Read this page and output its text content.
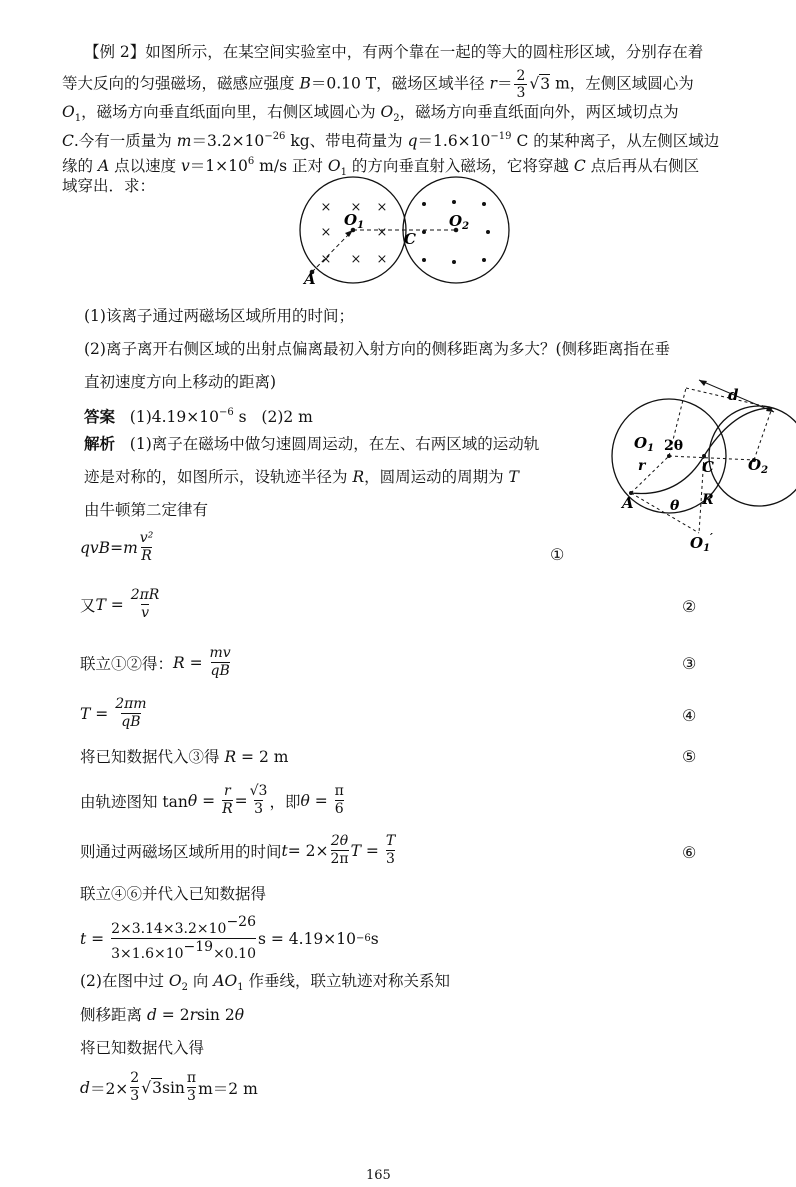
【例 2】如图所示，在某空间实验室中，有两个靠在一起的等大的圆柱形区域，分别存在着
等大反向的匀强磁场，磁感应强度 B＝0.10 T，磁场区域半径 $r= \frac{2}{3} √3$ m，左侧区域圆心为
$O_1$，磁场方向垂直纸面向里，右侧区域圆心为 $O_2$，磁场方向垂直纸面向外，两区域切点为
C.今有一质量为 $m=3.2\times 10^{-26}$ kg、带电荷量为 $q=1.6\times 10^{-19}$ C 的某种离子，从左侧区域边
缘的 A 点以速度 $v=1\times 10^6$ m/s 正对 $O_1$ 的方向垂直射入磁场，它将穿越 C 点后再从右侧区
域穿出．求：
× × ×
×	×
× × ×
$O_1$	$O_2$
C
A
(1)该离子通过两磁场区域所用的时间；
(2)离子离开右侧区域的出射点偏离最初入射方向的侧移距离为多大？(侧移距离指在垂
直初速度方向上移动的距离)
答案 $(1)4.19\times 10^{-6}$ s (2)2 m
解析 (1)离子在磁场中做匀速圆周运动，在左、右两区域的运动轨
迹是对称的，如图所示，设轨迹半径为 R，圆周运动的周期为 T
由牛顿第二定律有
d
$O_1$ 2θ
r	C $O_2$
A	θ R
$O_1'$
qvB = m
v²
R	①
又 $T = \frac{2\pi R}{v}$	②
联立①②得： $R = \frac{mv}{qB}$	③
$T = \frac{2\pi m}{qB}$	④
将已知数据代入③得 R = 2 m	⑤
由轨迹图知 $\tan \theta = \frac{r}{R} = \frac{√3}{3}$ ，即 $\theta = \frac{\pi}{6}$
则通过两磁场区域所用的时间 $t = 2\times \frac{2\theta}{2\pi}$ $T = \frac{T}{3}$	⑥
联立④⑥并代入已知数据得
$t = \frac{2\times 3.14\times 3.2\times 10-26}{3\times 1.6\times 10-19\times 0.10}$ s = 4.19×10 −6 s
(2)在图中过 $O_2$ 向 $AO_1$ 作垂线，联立轨迹对称关系知
侧移距离 d = 2rsin 2θ
将已知数据代入得
$d =2\times \frac{2}{3}$ √ 3 sin
π
3 m＝2 m
165
